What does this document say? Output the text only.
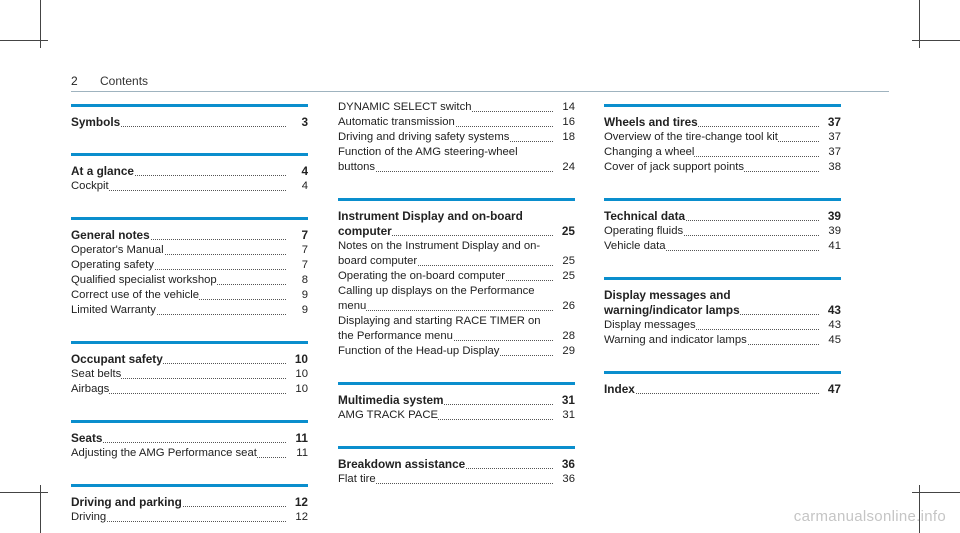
2 Contents
Symbols	3
At a glance	4
Cockpit	4
General notes	7
Operator's Manual	7
Operating safety	7
Qualified specialist workshop	8
Correct use of the vehicle	9
Limited Warranty	9
Occupant safety	10
Seat belts	10
Airbags	10
Seats	11
Adjusting the AMG Performance seat	11
Driving and parking	12
Driving	12
DYNAMIC SELECT switch	14
Automatic transmission	16
Driving and driving safety systems	18
Function of the AMG steering-wheel buttons	24
Instrument Display and on-board computer	25
Notes on the Instrument Display and on-board computer	25
Operating the on-board computer	25
Calling up displays on the Performance menu	26
Displaying and starting RACE TIMER on the Performance menu	28
Function of the Head-up Display	29
Multimedia system	31
AMG TRACK PACE	31
Breakdown assistance	36
Flat tire	36
Wheels and tires	37
Overview of the tire-change tool kit	37
Changing a wheel	37
Cover of jack support points	38
Technical data	39
Operating fluids	39
Vehicle data	41
Display messages and warning/indicator lamps	43
Display messages	43
Warning and indicator lamps	45
Index	47
carmanualsonline.info
